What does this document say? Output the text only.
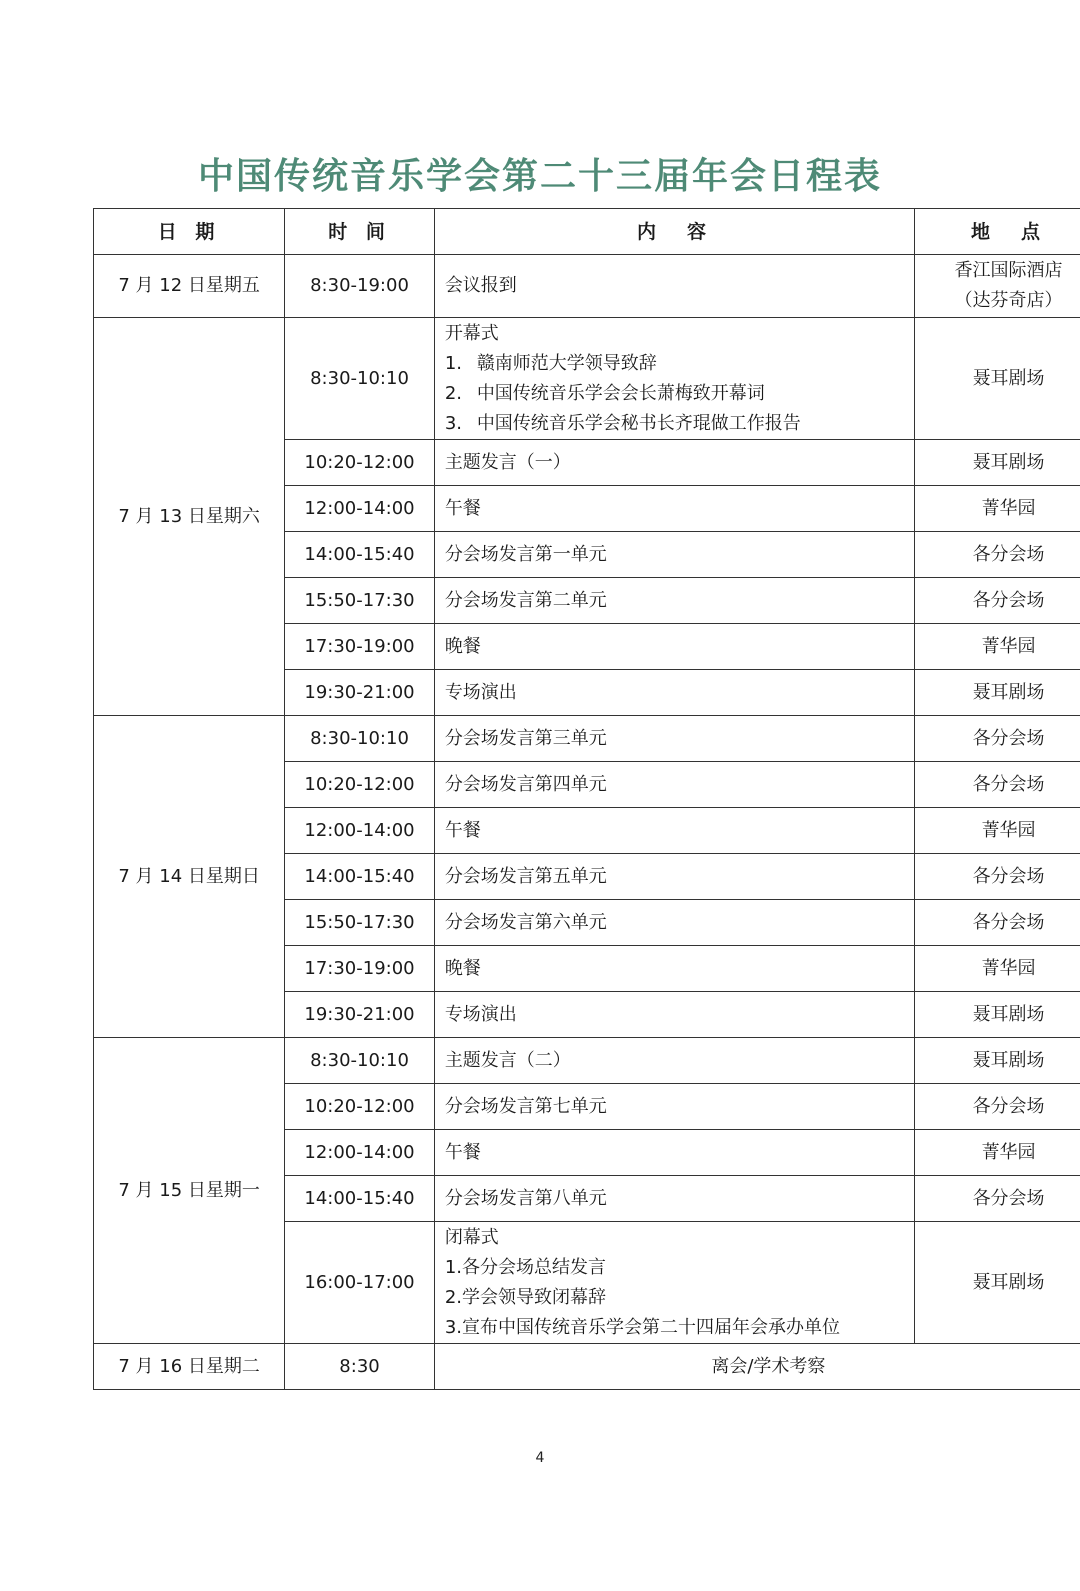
中国传统音乐学会第二十三届年会日程表
日 期	时 间	内　容	地　点
7 月 12 日星期五	8:30-19:00	会议报到	香江国际酒店
（达芬奇店）

7 月 13 日星期六	8:30-10:10	开幕式
1. 赣南师范大学领导致辞
2. 中国传统音乐学会会长萧梅致开幕词
3. 中国传统音乐学会秘书长齐琨做工作报告	聂耳剧场
	10:20-12:00	主题发言（一）	聂耳剧场
	12:00-14:00	午餐	菁华园
	14:00-15:40	分会场发言第一单元	各分会场
	15:50-17:30	分会场发言第二单元	各分会场
	17:30-19:00	晚餐	菁华园
	19:30-21:00	专场演出	聂耳剧场
7 月 14 日星期日	8:30-10:10	分会场发言第三单元	各分会场
	10:20-12:00	分会场发言第四单元	各分会场
	12:00-14:00	午餐	菁华园
	14:00-15:40	分会场发言第五单元	各分会场
	15:50-17:30	分会场发言第六单元	各分会场
	17:30-19:00	晚餐	菁华园
	19:30-21:00	专场演出	聂耳剧场
7 月 15 日星期一	8:30-10:10	主题发言（二）	聂耳剧场
	10:20-12:00	分会场发言第七单元	各分会场
	12:00-14:00	午餐	菁华园
	14:00-15:40	分会场发言第八单元	各分会场
	16:00-17:00	闭幕式
1.各分会场总结发言
2.学会领导致闭幕辞
3.宣布中国传统音乐学会第二十四届年会承办单位	聂耳剧场
7 月 16 日星期二	8:30	离会/学术考察	
4
